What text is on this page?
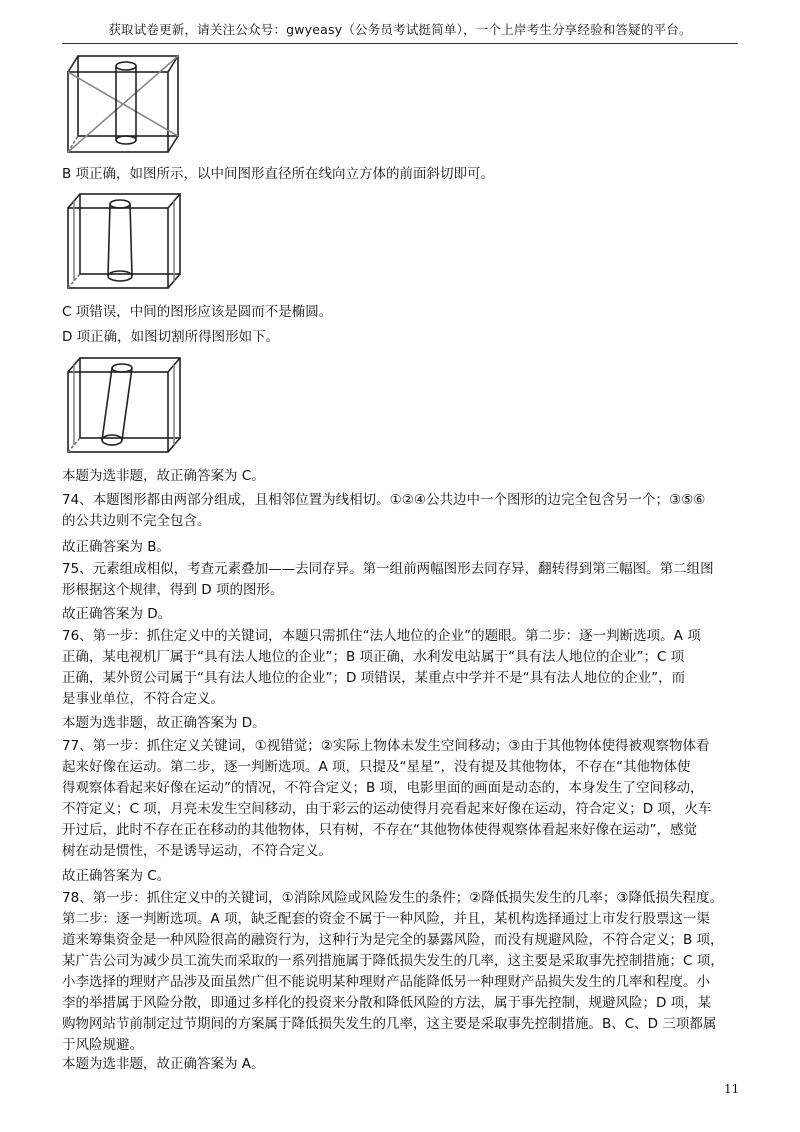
获取试卷更新，请关注公众号：gwyeasy（公务员考试挺简单），一个上岸考生分享经验和答疑的平台。
B 项正确，如图所示，以中间图形直径所在线向立方体的前面斜切即可。
C 项错误，中间的图形应该是圆而不是椭圆。
D 项正确，如图切割所得图形如下。
本题为选非题，故正确答案为 C。
74、本题图形都由两部分组成，且相邻位置为线相切。①②④公共边中一个图形的边完全包含另一个；③⑤⑥
的公共边则不完全包含。
故正确答案为 B。
75、元素组成相似，考查元素叠加——去同存异。第一组前两幅图形去同存异，翻转得到第三幅图。第二组图
形根据这个规律，得到 D 项的图形。
故正确答案为 D。
76、第一步：抓住定义中的关键词，本题只需抓住“法人地位的企业”的题眼。第二步：逐一判断选项。A 项
正确，某电视机厂属于“具有法人地位的企业”；B 项正确，水利发电站属于“具有法人地位的企业”；C 项
正确，某外贸公司属于“具有法人地位的企业”；D 项错误，某重点中学并不是“具有法人地位的企业”，而
是事业单位，不符合定义。
本题为选非题，故正确答案为 D。
77、第一步：抓住定义关键词，①视错觉；②实际上物体未发生空间移动；③由于其他物体使得被观察物体看
起来好像在运动。第二步，逐一判断选项。A 项，只提及“星星”，没有提及其他物体，不存在“其他物体使
得观察体看起来好像在运动”的情况，不符合定义；B 项，电影里面的画面是动态的，本身发生了空间移动，
不符定义；C 项，月亮未发生空间移动，由于彩云的运动使得月亮看起来好像在运动，符合定义；D 项，火车
开过后，此时不存在正在移动的其他物体，只有树，不存在“其他物体使得观察体看起来好像在运动”，感觉
树在动是惯性，不是诱导运动，不符合定义。
故正确答案为 C。
78、第一步：抓住定义中的关键词，①消除风险或风险发生的条件；②降低损失发生的几率；③降低损失程度。
第二步：逐一判断选项。A 项，缺乏配套的资金不属于一种风险，并且，某机构选择通过上市发行股票这一渠
道来筹集资金是一种风险很高的融资行为，这种行为是完全的暴露风险，而没有规避风险，不符合定义；B 项，
某广告公司为减少员工流失而采取的一系列措施属于降低损失发生的几率，这主要是采取事先控制措施；C 项，
小李选择的理财产品涉及面虽然广但不能说明某种理财产品能降低另一种理财产品损失发生的几率和程度。小
李的举措属于风险分散，即通过多样化的投资来分散和降低风险的方法，属于事先控制，规避风险；D 项，某
购物网站节前制定过节期间的方案属于降低损失发生的几率，这主要是采取事先控制措施。B、C、D 三项都属
于风险规避。
本题为选非题，故正确答案为 A。
11
